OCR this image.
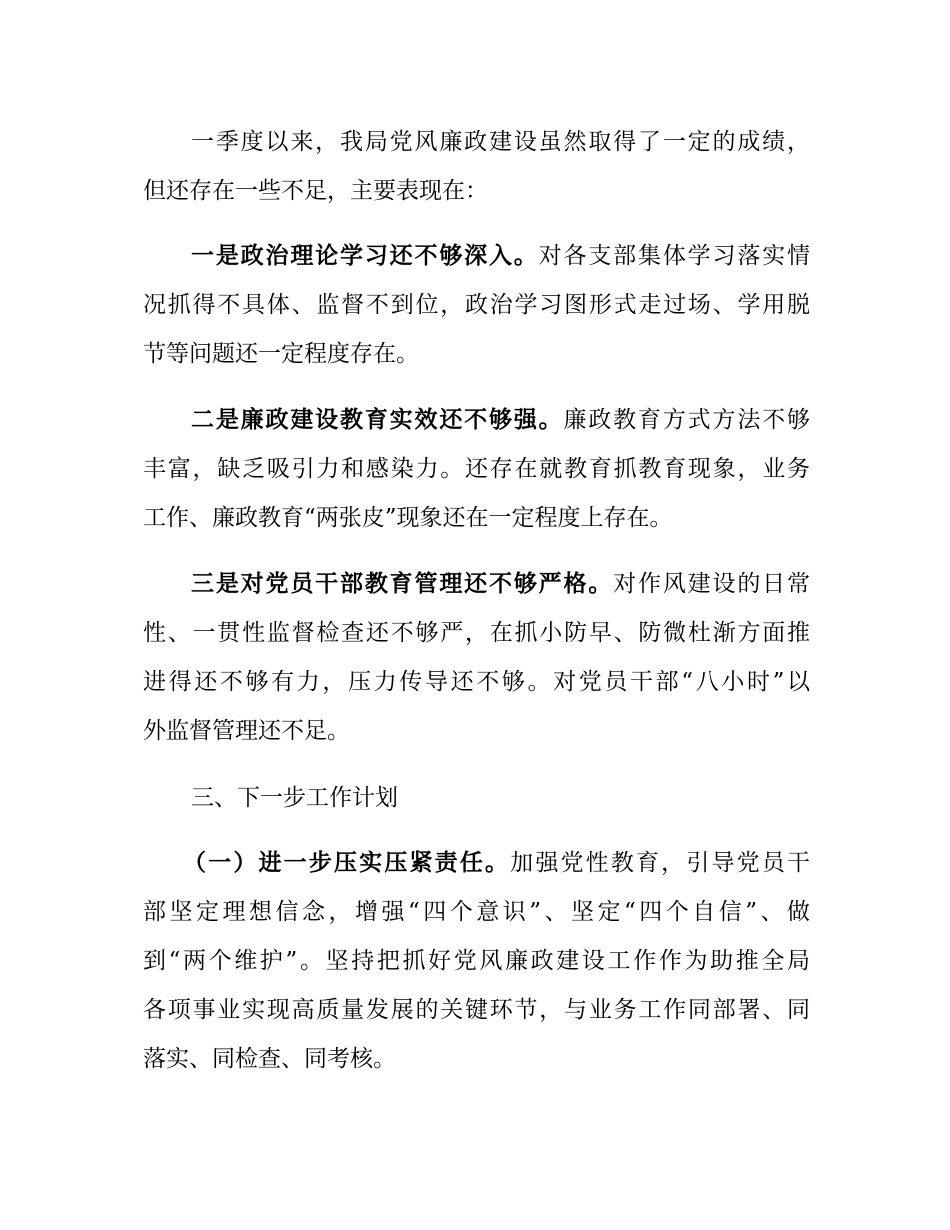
一季度以来，我局党风廉政建设虽然取得了一定的成绩，
但还存在一些不足，主要表现在：
一是政治理论学习还不够深入。对各支部集体学习落实情
况抓得不具体、监督不到位，政治学习图形式走过场、学用脱
节等问题还一定程度存在。
二是廉政建设教育实效还不够强。廉政教育方式方法不够
丰富，缺乏吸引力和感染力。还存在就教育抓教育现象，业务
工作、廉政教育“两张皮”现象还在一定程度上存在。
三是对党员干部教育管理还不够严格。对作风建设的日常
性、一贯性监督检查还不够严，在抓小防早、防微杜渐方面推
进得还不够有力，压力传导还不够。对党员干部“八小时”以
外监督管理还不足。
三、下一步工作计划
（一）进一步压实压紧责任。加强党性教育，引导党员干
部坚定理想信念，增强“四个意识”、坚定“四个自信”、做
到“两个维护”。坚持把抓好党风廉政建设工作作为助推全局
各项事业实现高质量发展的关键环节，与业务工作同部署、同
落实、同检查、同考核。
